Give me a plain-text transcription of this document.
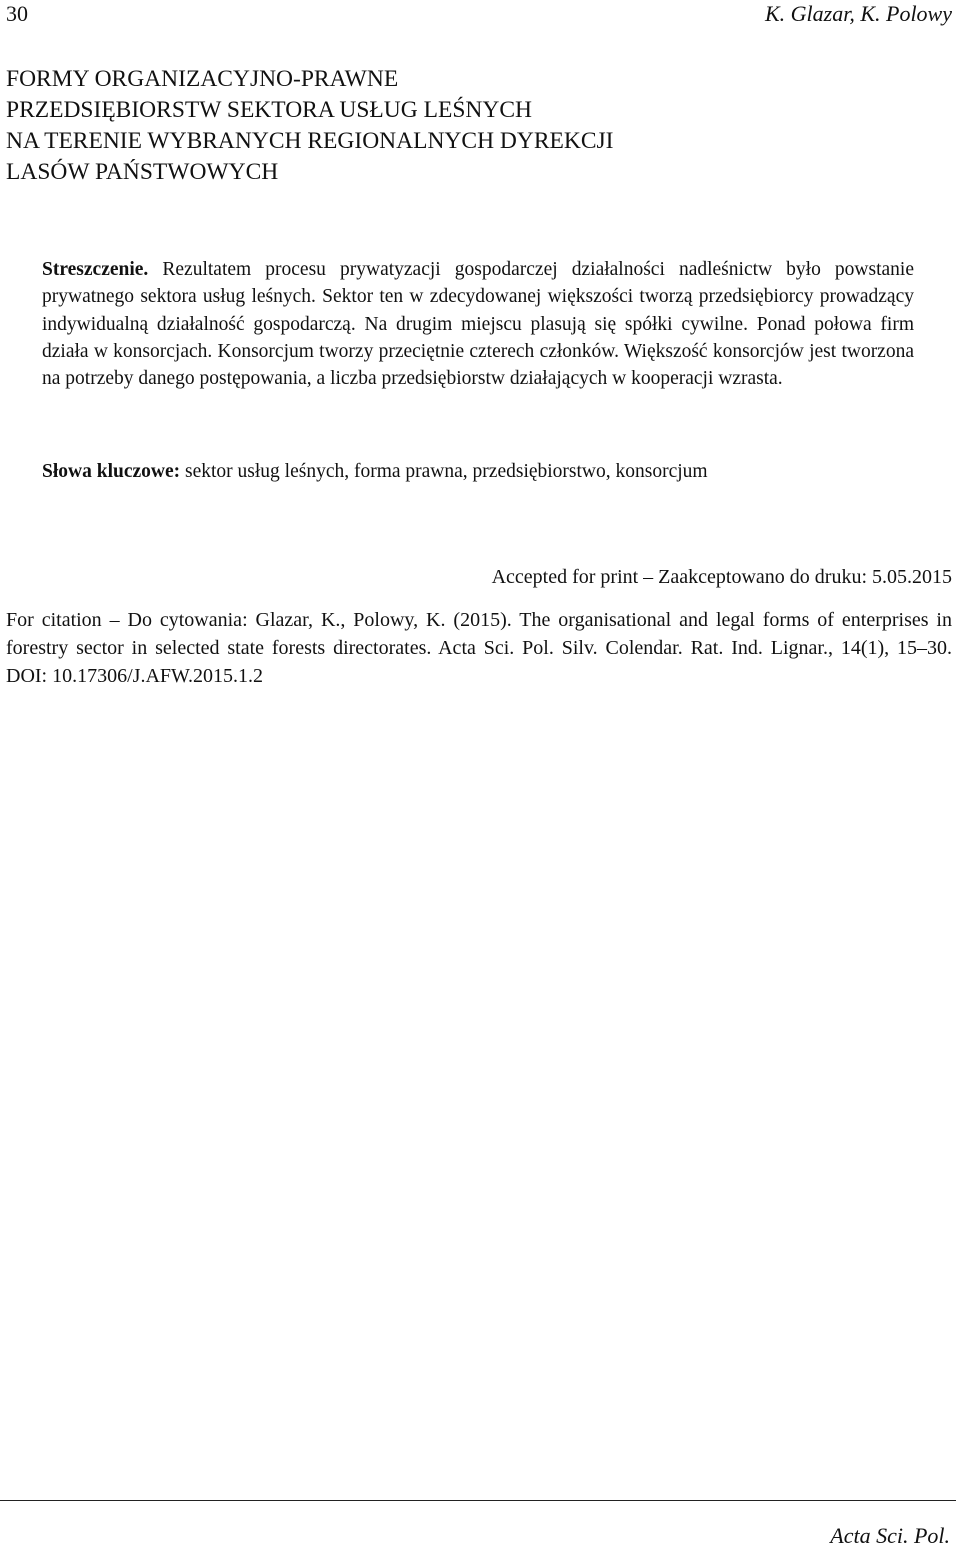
30	K. Glazar, K. Polowy
FORMY ORGANIZACYJNO-PRAWNE
PRZEDSIĘBIORSTW SEKTORA USŁUG LEŚNYCH
NA TERENIE WYBRANYCH REGIONALNYCH DYREKCJI
LASÓW PAŃSTWOWYCH

Streszczenie. Rezultatem procesu prywatyzacji gospodarczej działalności nadleśnictw było powstanie prywatnego sektora usług leśnych. Sektor ten w zdecydowanej większości tworzą przedsiębiorcy prowadzący indywidualną działalność gospodarczą. Na drugim miejscu plasują się spółki cywilne. Ponad połowa firm działa w konsorcjach. Konsorcjum tworzy przeciętnie czterech członków. Większość konsorcjów jest tworzona na potrzeby danego postępowania, a liczba przedsiębiorstw działających w kooperacji wzrasta.

Słowa kluczowe: sektor usług leśnych, forma prawna, przedsiębiorstwo, konsorcjum

Accepted for print – Zaakceptowano do druku: 5.05.2015

For citation – Do cytowania: Glazar, K., Polowy, K. (2015). The organisational and legal forms of enterprises in forestry sector in selected state forests directorates. Acta Sci. Pol. Silv. Colendar. Rat. Ind. Lignar., 14(1), 15–30. DOI: 10.17306/J.AFW.2015.1.2

Acta Sci. Pol.
